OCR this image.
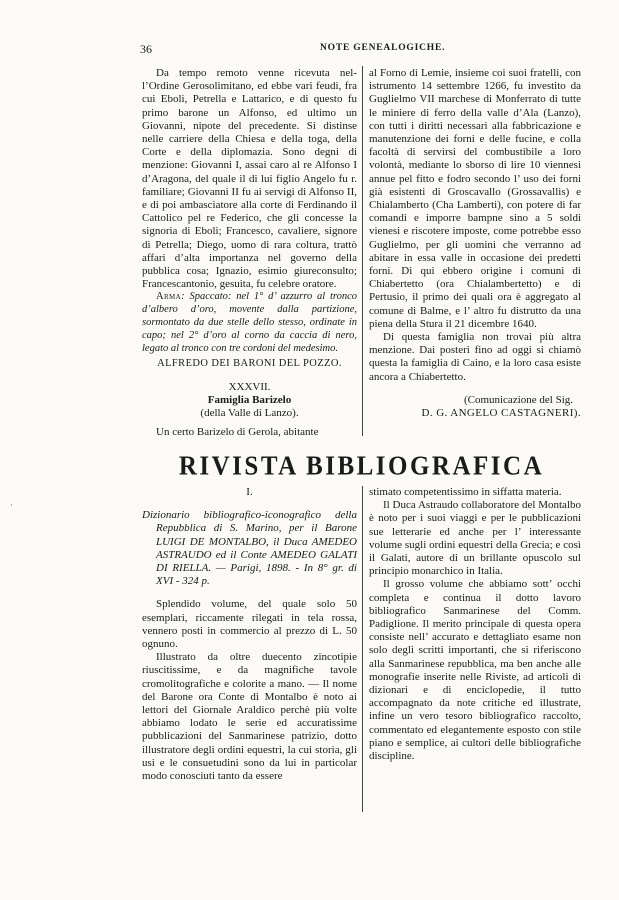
36	NOTE GENEALOGICHE.

Da tempo remoto venne ricevuta nel-l’Ordine Gerosolimitano, ed ebbe vari feudi, fra cui Eboli, Petrella e Lattarico, e di questo fu primo barone un Alfonso, ed ultimo un Giovanni, nipote del precedente. Si distinse nelle carriere della Chiesa e della toga, della Corte e della diplomazia. Sono degni di menzione: Giovanni I, assai caro al re Alfonso I d’Aragona, del quale il di lui figlio Angelo fu r. familiare; Giovanni II fu ai servigi di Alfonso II, e di poi ambasciatore alla corte di Ferdinando il Cattolico pel re Federico, che gli concesse la signoria di Eboli; Francesco, cavaliere, signore di Petrella; Diego, uomo di rara coltura, trattò affari d’alta importanza nel governo della pubblica cosa; Ignazio, esimio giureconsulto; Francescantonio, gesuita, fu celebre oratore.

Arma: Spaccato: nel 1° d’ azzurro al tronco d’albero d’oro, movente dalla partizione, sormontato da due stelle dello stesso, ordinate in capo; nel 2° d’oro al corno da caccia di nero, legato al tronco con tre cordoni del medesimo.

ALFREDO DEI BARONI DEL POZZO.

XXXVII.

Famiglia Barizelo

(della Valle di Lanzo).

Un certo Barizelo di Gerola, abitante

al Forno di Lemie, insieme coi suoi fratelli, con istrumento 14 settembre 1266, fu investito da Guglielmo VII marchese di Monferrato di tutte le miniere di ferro della valle d’Ala (Lanzo), con tutti i diritti necessari alla fabbricazione e manutenzione dei forni e delle fucine, e colla facoltà di servirsi del combustibile a loro volontà, mediante lo sborso di lire 10 viennesi annue pel fitto e fodro secondo l’ uso dei forni già esistenti di Groscavallo (Grossavallis) e Chialamberto (Cha Lamberti), con potere di far comandi e imporre bampne sino a 5 soldi vienesi e riscotere imposte, come potrebbe esso Guglielmo, per gli uomini che verranno ad abitare in essa valle in occasione dei predetti forni. Di qui ebbero origine i comuni di Chiabertetto (ora Chialambertetto) e di Pertusio, il primo dei quali ora è aggregato al comune di Balme, e l’ altro fu distrutto da una piena della Stura il 21 dicembre 1640.

Di questa famiglia non trovai più altra menzione. Dai posteri fino ad oggi si chiamò questa la famiglia di Caino, e la loro casa esiste ancora a Chiabertetto.

(Comunicazione del Sig.

D. G. ANGELO CASTAGNERI).

RIVISTA BIBLIOGRAFICA

I.

Dizionario bibliografico-iconografico della Repubblica di S. Marino, per il Barone LUIGI DE MONTALBO, il Duca AMEDEO ASTRAUDO ed il Conte AMEDEO GALATI DI RIELLA. — Parigi, 1898. - In 8° gr. di XVI - 324 p.

Splendido volume, del quale solo 50 esemplari, riccamente rilegati in tela rossa, vennero posti in commercio al prezzo di L. 50 ognuno.

Illustrato da oltre duecento zincotipie riuscitissime, e da magnifiche tavole cromolitografiche e colorite a mano. — Il nome del Barone ora Conte di Montalbo è noto ai lettori del Giornale Araldico perchè più volte abbiamo lodato le serie ed accuratissime pubblicazioni del Sanmarinese patrizio, dotto illustratore degli ordini equestri, la cui storia, gli usi e le consuetudini sono da lui in particolar modo conosciuti tanto da essere

stimato competentissimo in siffatta materia.

Il Duca Astraudo collaboratore del Montalbo è noto per i suoi viaggi e per le pubblicazioni sue letterarie ed anche per l’ interessante volume sugli ordini equestri della Grecia; e così il Galati, autore di un brillante opuscolo sul principio monarchico in Italia.

Il grosso volume che abbiamo sott’ occhi completa e continua il dotto lavoro bibliografico Sanmarinese del Comm. Padiglione. Il merito principale di questa opera consiste nell’ accurato e dettagliato esame non solo degli scritti importanti, che si riferiscono alla Sanmarinese repubblica, ma ben anche alle monografie inserite nelle Riviste, ad articoli di dizionari e di enciclopedie, il tutto accompagnato da note critiche ed illustrate, infine un vero tesoro bibliografico raccolto, commentato ed elegantemente esposto con stile piano e semplice, ai cultori delle bibliografiche discipline.

·
